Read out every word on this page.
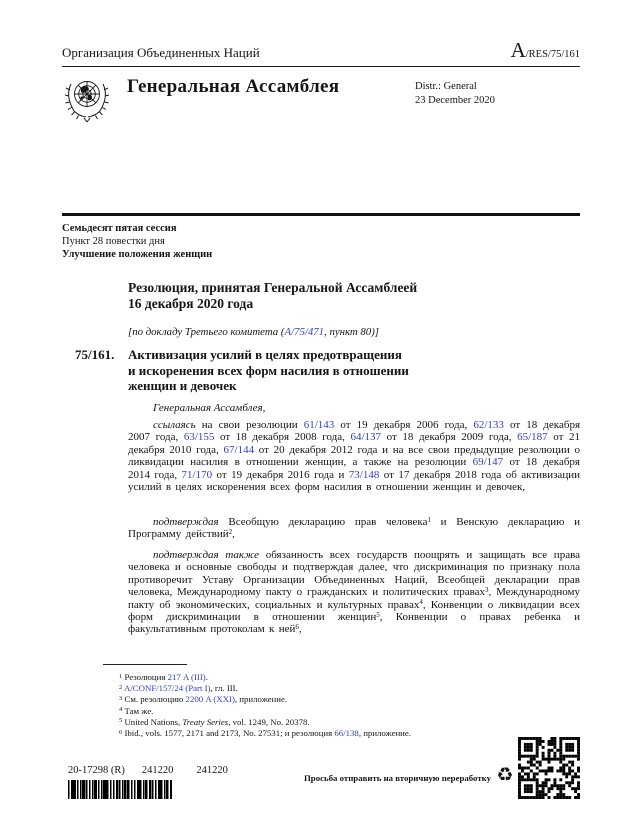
Организация Объединенных Наций	A/RES/75/161
Генеральная Ассамблея	Distr.: General
23 December 2020
Семьдесят пятая сессия
Пункт 28 повестки дня
Улучшение положения женщин
Резолюция, принятая Генеральной Ассамблеей
16 декабря 2020 года
[по докладу Третьего комитета (A/75/471, пункт 80)]
75/161. Активизация усилий в целях предотвращения
и искоренения всех форм насилия в отношении
женщин и девочек
Генеральная Ассамблея,
ссылаясь на свои резолюции 61/143 от 19 декабря 2006 года, 62/133 от 18 декабря 2007 года, 63/155 от 18 декабря 2008 года, 64/137 от 18 декабря 2009 года, 65/187 от 21 декабря 2010 года, 67/144 от 20 декабря 2012 года и на все свои предыдущие резолюции о ликвидации насилия в отношении женщин, а также на резолюции 69/147 от 18 декабря 2014 года, 71/170 от 19 декабря 2016 года и 73/148 от 17 декабря 2018 года об активизации усилий в целях искоренения всех форм насилия в отношении женщин и девочек,
подтверждая Всеобщую декларацию прав человека$^1$ и Венскую декларацию и Программу действий$^2$,
подтверждая также обязанность всех государств поощрять и защищать все права человека и основные свободы и подтверждая далее, что дискриминация по признаку пола противоречит Уставу Организации Объединенных Наций, Всеобщей декларации прав человека, Международному пакту о гражданских и политических правах$^3$, Международному пакту об экономических, социальных и культурных правах$^4$, Конвенции о ликвидации всех форм дискриминации в отношении женщин$^5$, Конвенции о правах ребенка и факультативным протоколам к ней$^6$,
$^1$ Резолюция 217 A (III).
$^2$ A/CONF/157/24 (Part I), гл. III.
$^3$ См. резолюцию 2200 A (XXI), приложение.
$^4$ Там же.
$^5$ United Nations, Treaty Series, vol. 1249, No. 20378.
$^6$ Ibid., vols. 1577, 2171 and 2173, No. 27531; и резолюция 66/138, приложение.
20-17298 (R) 241220 241220
Просьба отправить на вторичную переработку ♻
